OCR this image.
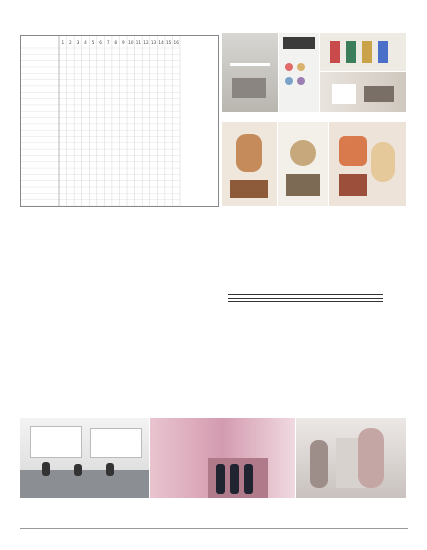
1 2 3 4 5 6 7 8 9 10 11 12 13 14 15 16
